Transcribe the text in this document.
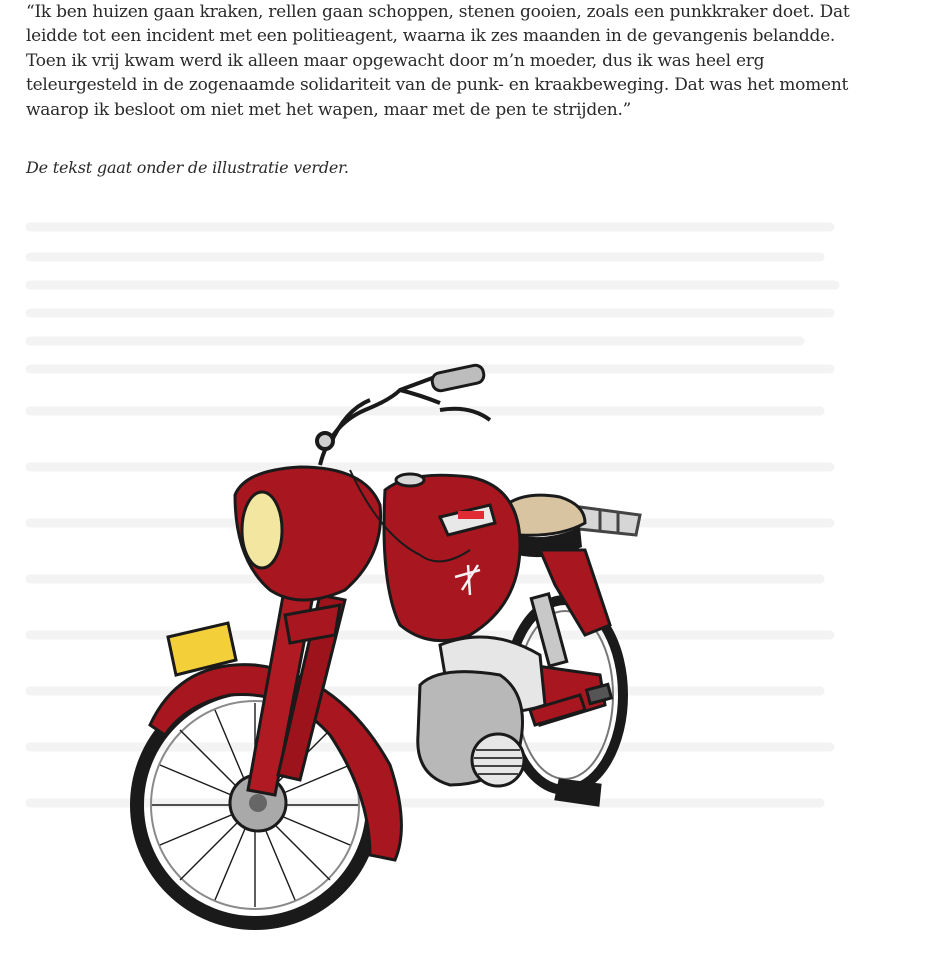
“Ik ben huizen gaan kraken, rellen gaan schoppen, stenen gooien, zoals een punkkraker doet. Dat
leidde tot een incident met een politieagent, waarna ik zes maanden in de gevangenis belandde.
Toen ik vrij kwam werd ik alleen maar opgewacht door m’n moeder, dus ik was heel erg
teleurgesteld in de zogenaamde solidariteit van de punk- en kraakbeweging. Dat was het moment
waarop ik besloot om niet met het wapen, maar met de pen te strijden.”

De tekst gaat onder de illustratie verder.
